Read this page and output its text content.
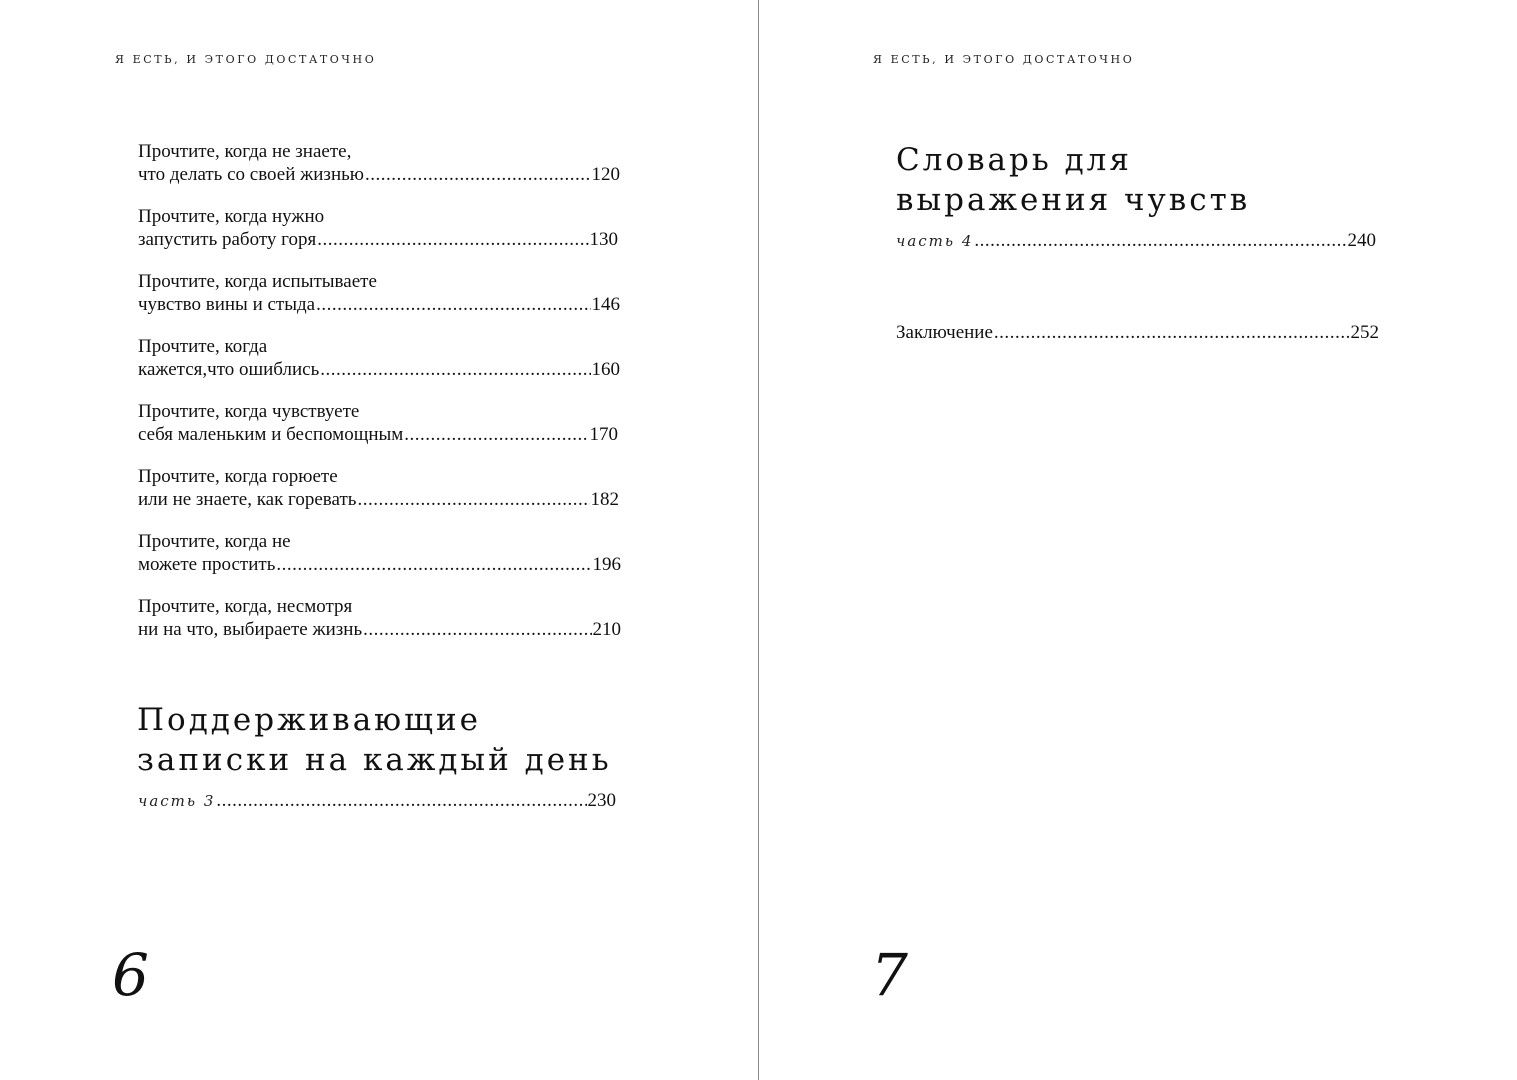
Я ЕСТЬ, И ЭТОГО ДОСТАТОЧНО
Прочтите, когда не знаете,
что делать со своей жизнью .....	120
Прочтите, когда нужно
запустить работу горя .....	130
Прочтите, когда испытываете
чувство вины и стыда .....	146
Прочтите, когда
кажется,что ошиблись .....	160
Прочтите, когда чувствуете
себя маленьким и беспомощным .....	170
Прочтите, когда горюете
или не знаете, как горевать .....	182
Прочтите, когда не
можете простить .....	196
Прочтите, когда, несмотря
ни на что, выбираете жизнь .....	210
Поддерживающие
записки на каждый день
часть 3 .....	230
6
Я ЕСТЬ, И ЭТОГО ДОСТАТОЧНО
Словарь для
выражения чувств
часть 4 .....	240
Заключение .....	252
7
